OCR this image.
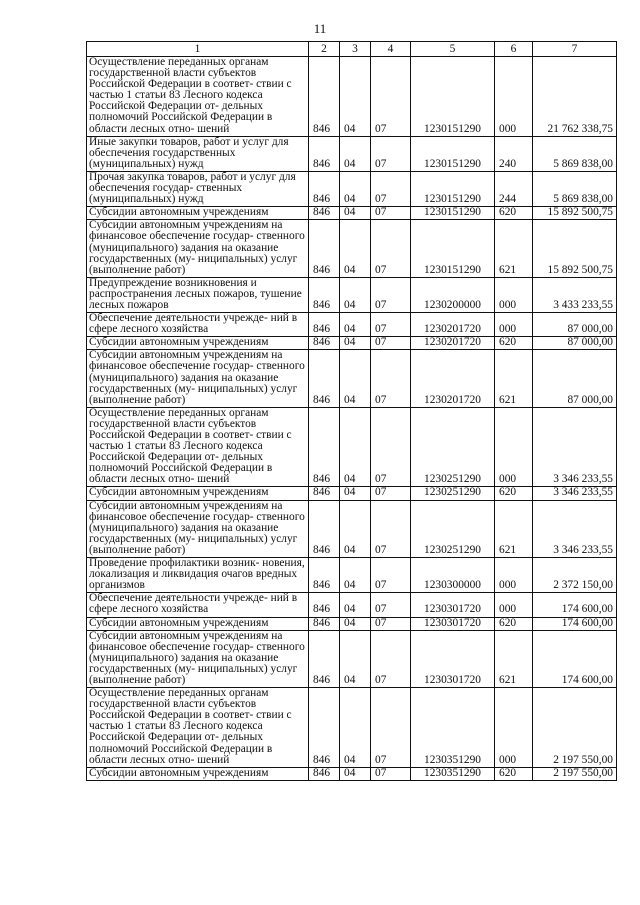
11
1	2	3	4	5	6	7
Осуществление переданных органам государственной власти субъектов Российской Федерации в соответ- ствии с частью 1 статьи 83 Лесного кодекса Российской Федерации от- дельных полномочий Российской Федерации в области лесных отно- шений	846	04	07	1230151290	000	21 762 338,75
Иные закупки товаров, работ и услуг для обеспечения государственных (муниципальных) нужд	846	04	07	1230151290	240	5 869 838,00
Прочая закупка товаров, работ и услуг для обеспечения государ- ственных (муниципальных) нужд	846	04	07	1230151290	244	5 869 838,00
Субсидии автономным учреждениям	846	04	07	1230151290	620	15 892 500,75
Субсидии автономным учреждениям на финансовое обеспечение государ- ственного (муниципального) задания на оказание государственных (му- ниципальных) услуг (выполнение работ)	846	04	07	1230151290	621	15 892 500,75
Предупреждение возникновения и распространения лесных пожаров, тушение лесных пожаров	846	04	07	1230200000	000	3 433 233,55
Обеспечение деятельности учрежде- ний в сфере лесного хозяйства	846	04	07	1230201720	000	87 000,00
Субсидии автономным учреждениям	846	04	07	1230201720	620	87 000,00
Субсидии автономным учреждениям на финансовое обеспечение государ- ственного (муниципального) задания на оказание государственных (му- ниципальных) услуг (выполнение работ)	846	04	07	1230201720	621	87 000,00
Осуществление переданных органам государственной власти субъектов Российской Федерации в соответ- ствии с частью 1 статьи 83 Лесного кодекса Российской Федерации от- дельных полномочий Российской Федерации в области лесных отно- шений	846	04	07	1230251290	000	3 346 233,55
Субсидии автономным учреждениям	846	04	07	1230251290	620	3 346 233,55
Субсидии автономным учреждениям на финансовое обеспечение государ- ственного (муниципального) задания на оказание государственных (му- ниципальных) услуг (выполнение работ)	846	04	07	1230251290	621	3 346 233,55
Проведение профилактики возник- новения, локализация и ликвидация очагов вредных организмов	846	04	07	1230300000	000	2 372 150,00
Обеспечение деятельности учрежде- ний в сфере лесного хозяйства	846	04	07	1230301720	000	174 600,00
Субсидии автономным учреждениям	846	04	07	1230301720	620	174 600,00
Субсидии автономным учреждениям на финансовое обеспечение государ- ственного (муниципального) задания на оказание государственных (му- ниципальных) услуг (выполнение работ)	846	04	07	1230301720	621	174 600,00
Осуществление переданных органам государственной власти субъектов Российской Федерации в соответ- ствии с частью 1 статьи 83 Лесного кодекса Российской Федерации от- дельных полномочий Российской Федерации в области лесных отно- шений	846	04	07	1230351290	000	2 197 550,00
Субсидии автономным учреждениям	846	04	07	1230351290	620	2 197 550,00
